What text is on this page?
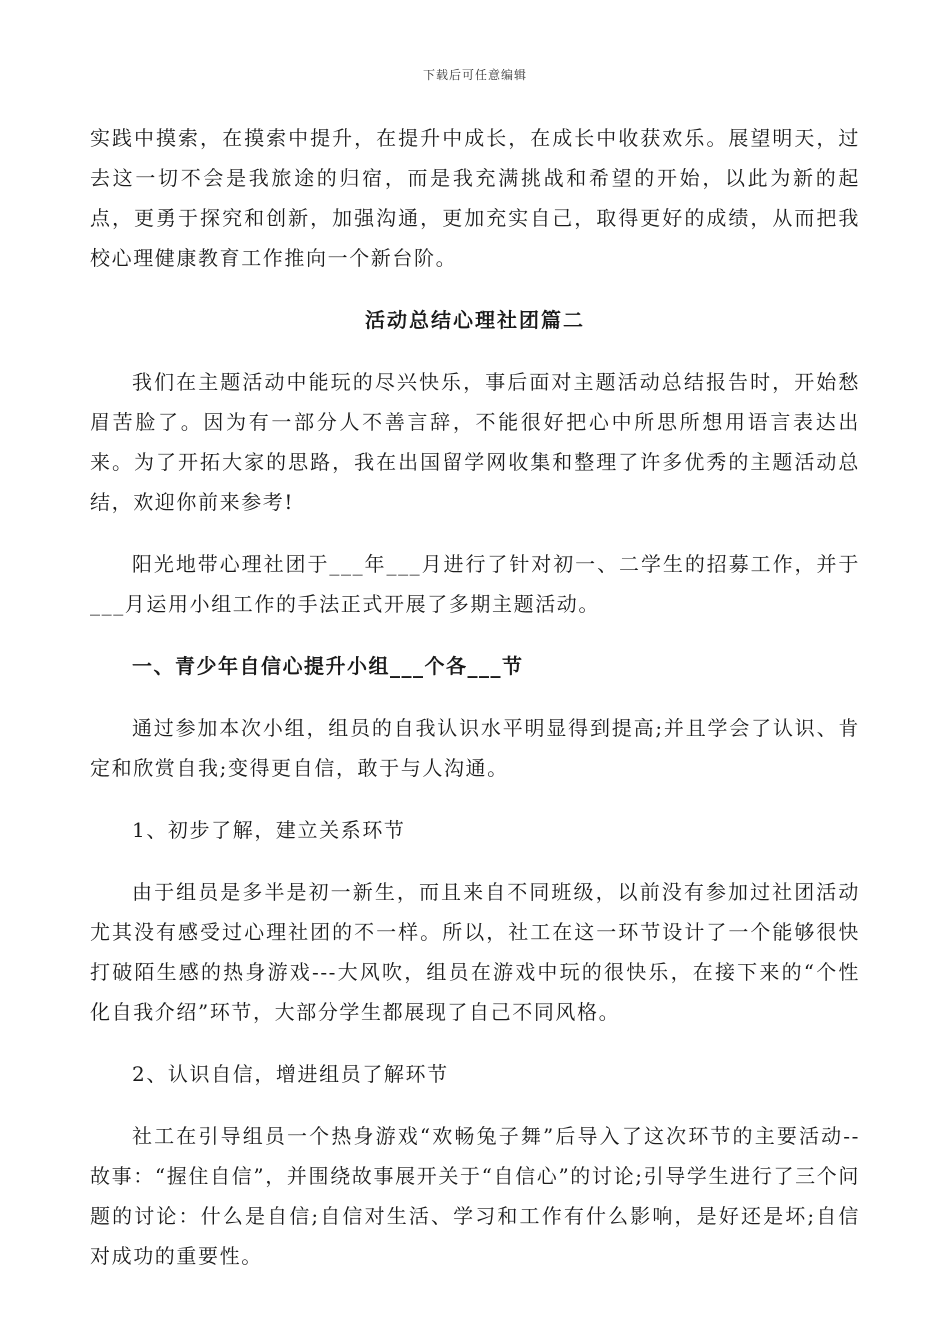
下载后可任意编辑

实践中摸索，在摸索中提升，在提升中成长，在成长中收获欢乐。展望明天，过去这一切不会是我旅途的归宿，而是我充满挑战和希望的开始，以此为新的起点，更勇于探究和创新，加强沟通，更加充实自己，取得更好的成绩，从而把我校心理健康教育工作推向一个新台阶。

活动总结心理社团篇二

我们在主题活动中能玩的尽兴快乐，事后面对主题活动总结报告时，开始愁眉苦脸了。因为有一部分人不善言辞，不能很好把心中所思所想用语言表达出来。为了开拓大家的思路，我在出国留学网收集和整理了许多优秀的主题活动总结，欢迎你前来参考!

阳光地带心理社团于___年___月进行了针对初一、二学生的招募工作，并于___月运用小组工作的手法正式开展了多期主题活动。

一、青少年自信心提升小组___个各___节

通过参加本次小组，组员的自我认识水平明显得到提高;并且学会了认识、肯定和欣赏自我;变得更自信，敢于与人沟通。

1、初步了解，建立关系环节

由于组员是多半是初一新生，而且来自不同班级，以前没有参加过社团活动尤其没有感受过心理社团的不一样。所以，社工在这一环节设计了一个能够很快打破陌生感的热身游戏---大风吹，组员在游戏中玩的很快乐，在接下来的“个性化自我介绍”环节，大部分学生都展现了自己不同风格。

2、认识自信，增进组员了解环节

社工在引导组员一个热身游戏“欢畅兔子舞”后导入了这次环节的主要活动--故事：“握住自信”，并围绕故事展开关于“自信心”的讨论;引导学生进行了三个问题的讨论：什么是自信;自信对生活、学习和工作有什么影响，是好还是坏;自信对成功的重要性。
